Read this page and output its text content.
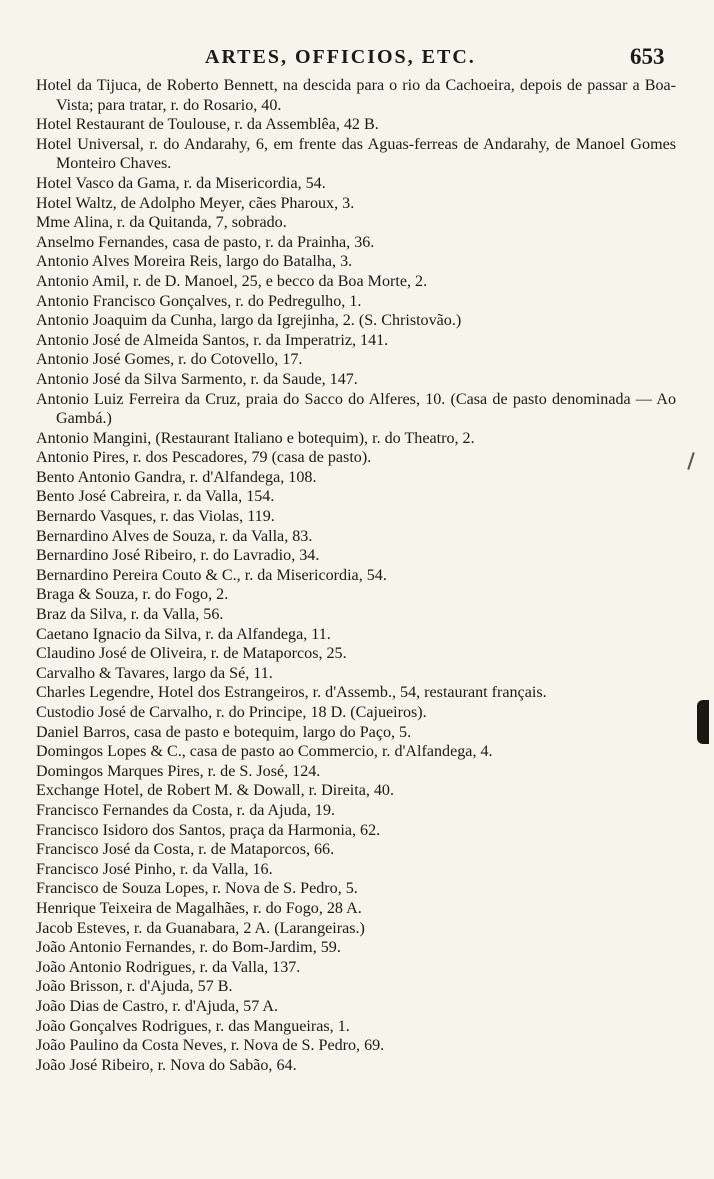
ARTES, OFFICIOS, ETC.	653

Hotel da Tijuca, de Roberto Bennett, na descida para o rio da Cachoeira, depois de passar a Boa-Vista; para tratar, r. do Rosario, 40.

Hotel Restaurant de Toulouse, r. da Assemblêa, 42 B.

Hotel Universal, r. do Andarahy, 6, em frente das Aguas-ferreas de Andarahy, de Manoel Gomes Monteiro Chaves.

Hotel Vasco da Gama, r. da Misericordia, 54.

Hotel Waltz, de Adolpho Meyer, cães Pharoux, 3.

Mme Alina, r. da Quitanda, 7, sobrado.

Anselmo Fernandes, casa de pasto, r. da Prainha, 36.

Antonio Alves Moreira Reis, largo do Batalha, 3.

Antonio Amil, r. de D. Manoel, 25, e becco da Boa Morte, 2.

Antonio Francisco Gonçalves, r. do Pedregulho, 1.

Antonio Joaquim da Cunha, largo da Igrejinha, 2. (S. Christovão.)

Antonio José de Almeida Santos, r. da Imperatriz, 141.

Antonio José Gomes, r. do Cotovello, 17.

Antonio José da Silva Sarmento, r. da Saude, 147.

Antonio Luiz Ferreira da Cruz, praia do Sacco do Alferes, 10. (Casa de pasto denominada — Ao Gambá.)

Antonio Mangini, (Restaurant Italiano e botequim), r. do Theatro, 2.

Antonio Pires, r. dos Pescadores, 79 (casa de pasto).

Bento Antonio Gandra, r. d'Alfandega, 108.

Bento José Cabreira, r. da Valla, 154.

Bernardo Vasques, r. das Violas, 119.

Bernardino Alves de Souza, r. da Valla, 83.

Bernardino José Ribeiro, r. do Lavradio, 34.

Bernardino Pereira Couto & C., r. da Misericordia, 54.

Braga & Souza, r. do Fogo, 2.

Braz da Silva, r. da Valla, 56.

Caetano Ignacio da Silva, r. da Alfandega, 11.

Claudino José de Oliveira, r. de Mataporcos, 25.

Carvalho & Tavares, largo da Sé, 11.

Charles Legendre, Hotel dos Estrangeiros, r. d'Assemb., 54, restaurant français.

Custodio José de Carvalho, r. do Principe, 18 D. (Cajueiros).

Daniel Barros, casa de pasto e botequim, largo do Paço, 5.

Domingos Lopes & C., casa de pasto ao Commercio, r. d'Alfandega, 4.

Domingos Marques Pires, r. de S. José, 124.

Exchange Hotel, de Robert M. & Dowall, r. Direita, 40.

Francisco Fernandes da Costa, r. da Ajuda, 19.

Francisco Isidoro dos Santos, praça da Harmonia, 62.

Francisco José da Costa, r. de Mataporcos, 66.

Francisco José Pinho, r. da Valla, 16.

Francisco de Souza Lopes, r. Nova de S. Pedro, 5.

Henrique Teixeira de Magalhães, r. do Fogo, 28 A.

Jacob Esteves, r. da Guanabara, 2 A. (Larangeiras.)

João Antonio Fernandes, r. do Bom-Jardim, 59.

João Antonio Rodrigues, r. da Valla, 137.

João Brisson, r. d'Ajuda, 57 B.

João Dias de Castro, r. d'Ajuda, 57 A.

João Gonçalves Rodrigues, r. das Mangueiras, 1.

João Paulino da Costa Neves, r. Nova de S. Pedro, 69.

João José Ribeiro, r. Nova do Sabão, 64.
